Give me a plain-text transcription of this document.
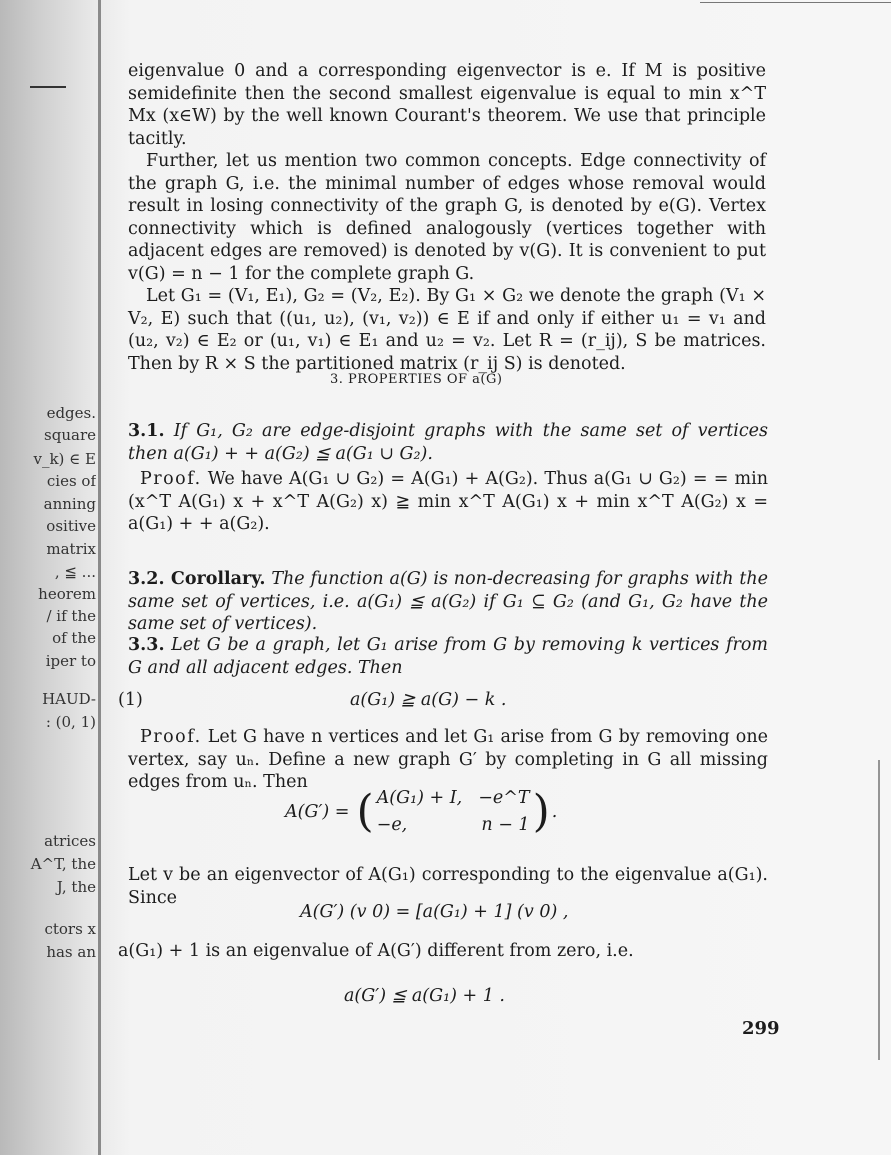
edges.
square
v_k) ∈ E
cies of
anning
ositive
matrix
, ≦ ...
heorem
/ if the
of the
iper to
HAUD-
: (0, 1)
atrices
A^T, the
J, the
ctors x
has an

eigenvalue 0 and a corresponding eigenvector is e. If M is positive semidefinite then the second smallest eigenvalue is equal to min x^T Mx (x∈W) by the well known Courant's theorem. We use that principle tacitly.

Further, let us mention two common concepts. Edge connectivity of the graph G, i.e. the minimal number of edges whose removal would result in losing connectivity of the graph G, is denoted by e(G). Vertex connectivity which is defined analogously (vertices together with adjacent edges are removed) is denoted by v(G). It is convenient to put v(G) = n − 1 for the complete graph G.

Let G₁ = (V₁, E₁), G₂ = (V₂, E₂). By G₁ × G₂ we denote the graph (V₁ × V₂, E) such that ((u₁, u₂), (v₁, v₂)) ∈ E if and only if either u₁ = v₁ and (u₂, v₂) ∈ E₂ or (u₁, v₁) ∈ E₁ and u₂ = v₂. Let R = (r_ij), S be matrices. Then by R × S the partitioned matrix (r_ij S) is denoted.

3. PROPERTIES OF a(G)

3.1. If G₁, G₂ are edge-disjoint graphs with the same set of vertices then a(G₁) + + a(G₂) ≦ a(G₁ ∪ G₂).

Proof. We have A(G₁ ∪ G₂) = A(G₁) + A(G₂). Thus a(G₁ ∪ G₂) = = min (x^T A(G₁) x + x^T A(G₂) x) ≧ min x^T A(G₁) x + min x^T A(G₂) x = a(G₁) + + a(G₂).

3.2. Corollary. The function a(G) is non-decreasing for graphs with the same set of vertices, i.e. a(G₁) ≦ a(G₂) if G₁ ⊆ G₂ (and G₁, G₂ have the same set of vertices).

3.3. Let G be a graph, let G₁ arise from G by removing k vertices from G and all adjacent edges. Then

(1)	a(G₁) ≧ a(G) − k .

Proof. Let G have n vertices and let G₁ arise from G by removing one vertex, say uₙ. Define a new graph G′ by completing in G all missing edges from uₙ. Then

A(G′) =	(	A(G₁) + I,	−e^T	)	.
		−e,	n − 1		

Let v be an eigenvector of A(G₁) corresponding to the eigenvalue a(G₁). Since

A(G′) (v 0) = [a(G₁) + 1] (v 0) ,

a(G₁) + 1 is an eigenvalue of A(G′) different from zero, i.e.

a(G′) ≦ a(G₁) + 1 .
299
